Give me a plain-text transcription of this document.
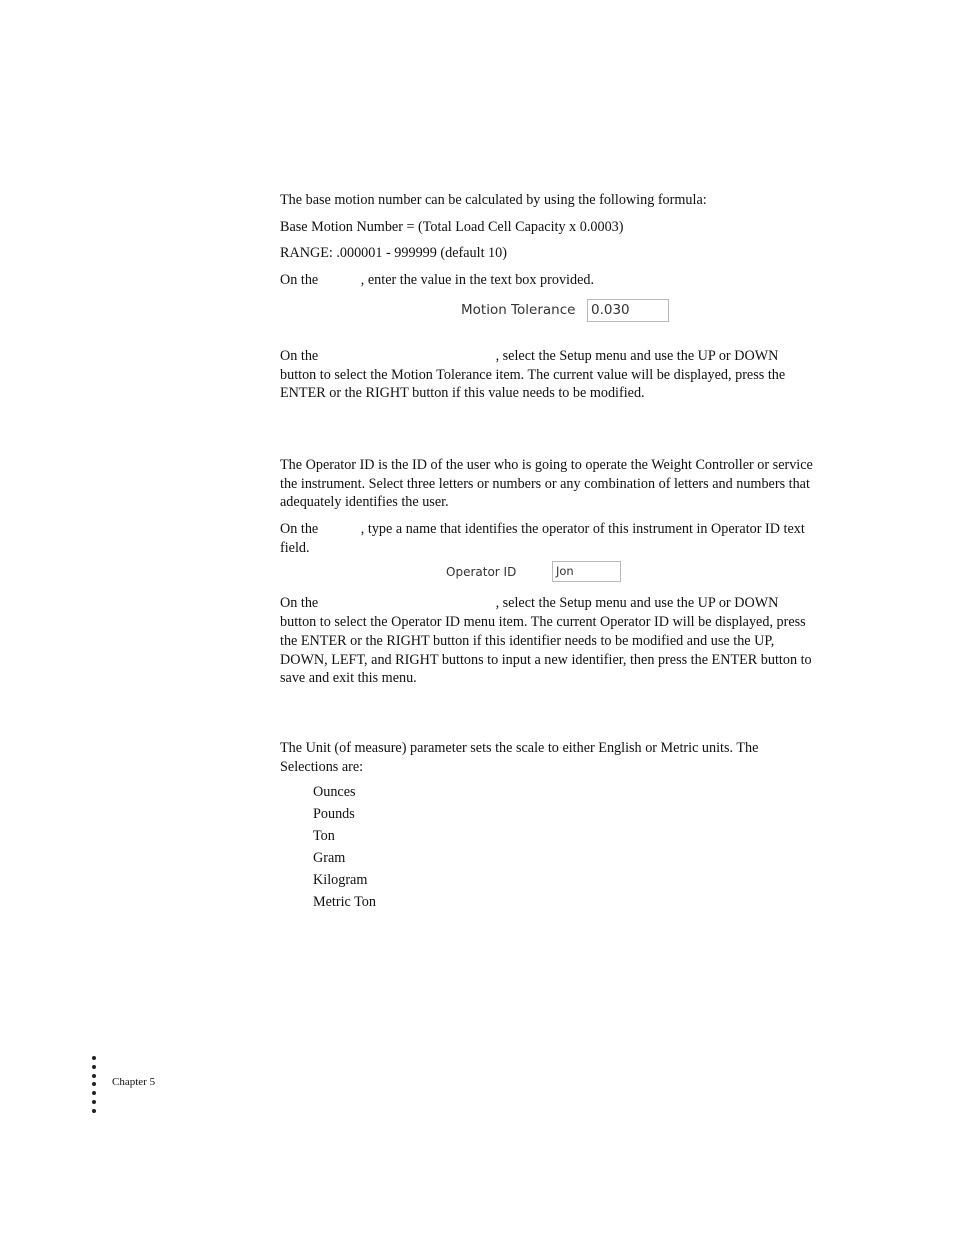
The base motion number can be calculated by using the following formula:

Base Motion Number = (Total Load Cell Capacity x 0.0003)

RANGE: .000001 - 999999 (default 10)

On the            , enter the value in the text box provided.

Motion Tolerance 0.030

On the                                                  , select the Setup menu and use the UP or DOWN button to select the Motion Tolerance item. The current value will be displayed, press the ENTER or the RIGHT button if this value needs to be modified.

The Operator ID is the ID of the user who is going to operate the Weight Controller or service the instrument. Select three letters or numbers or any combination of letters and numbers that adequately identifies the user.

On the            , type a name that identifies the operator of this instrument in Operator ID text field.

Operator ID	Jon

On the                                                  , select the Setup menu and use the UP or DOWN button to select the Operator ID menu item. The current Operator ID will be displayed, press the ENTER or the RIGHT button if this identifier needs to be modified and use the UP, DOWN, LEFT, and RIGHT buttons to input a new identifier, then press the ENTER button to save and exit this menu.

The Unit (of measure) parameter sets the scale to either English or Metric units. The Selections are:

Ounces
Pounds
Ton
Gram
Kilogram
Metric Ton
Chapter 5
